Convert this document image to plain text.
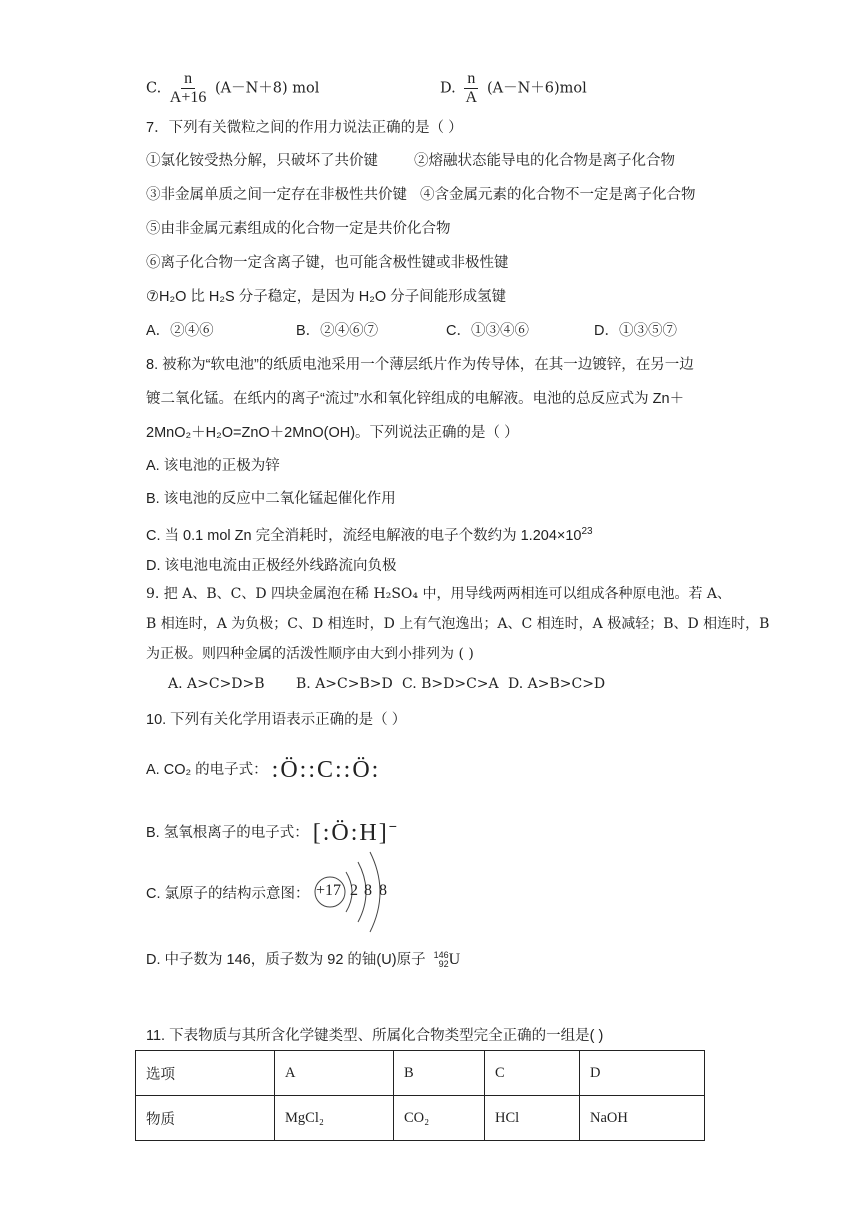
C. $\frac{n}{A+16} (A-N+8)$ mol	D. $\frac{n}{A} (A-N+6)mol$
7．下列有关微粒之间的作用力说法正确的是（ ）
①氯化铵受热分解，只破坏了共价键 ②熔融状态能导电的化合物是离子化合物
③非金属单质之间一定存在非极性共价键 ④含金属元素的化合物不一定是离子化合物
⑤由非金属元素组成的化合物一定是共价化合物
⑥离子化合物一定含离子键，也可能含极性键或非极性键
⑦H₂O 比 H₂S 分子稳定，是因为 H₂O 分子间能形成氢键
A．②④⑥	B．②④⑥⑦	C．①③④⑥	D．①③⑤⑦
8. 被称为“软电池”的纸质电池采用一个薄层纸片作为传导体，在其一边镀锌，在另一边
镀二氧化锰。在纸内的离子“流过”水和氧化锌组成的电解液。电池的总反应式为 Zn＋
2MnO₂＋H₂O=ZnO＋2MnO(OH)。下列说法正确的是（ ）
A. 该电池的正极为锌
B. 该电池的反应中二氧化锰起催化作用
C. 当 0.1 mol Zn 完全消耗时，流经电解液的电子个数约为 $1.204\times 10^{23}$
D. 该电池电流由正极经外线路流向负极
9. 把 A、B、C、D 四块金属泡在稀 H₂SO₄ 中，用导线两两相连可以组成各种原电池。若 A、
B 相连时，A 为负极；C、D 相连时，D 上有气泡逸出；A、C 相连时，A 极减轻；B、D 相连时，B
为正极。则四种金属的活泼性顺序由大到小排列为 ( )
A. A>C>D>B B. A>C>B>D C. B>D>C>A D. A>B>C>D
10. 下列有关化学用语表示正确的是（ ）
A. CO₂ 的电子式： :Ö::C::Ö:
B. 氢氧根离子的电子式： [:Ö:H]−
C. 氯原子的结构示意图： +17 2 8 8
D. 中子数为 146，质子数为 92 的铀(U)原子 146
92 U
11. 下表物质与其所含化学键类型、所属化合物类型完全正确的一组是( )
选项	A	B	C	D
物质	MgCl₂	CO₂	HCl	NaOH
